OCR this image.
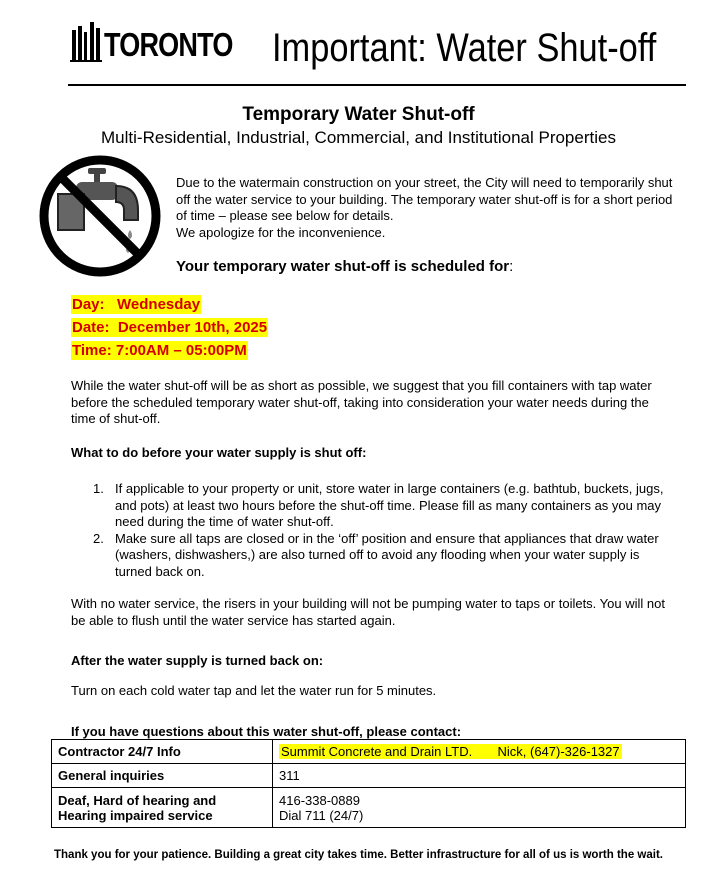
TORONTO Important: Water Shut-off
Temporary Water Shut-off
Multi-Residential, Industrial, Commercial, and Institutional Properties
Due to the watermain construction on your street, the City will need to temporarily shut off the water service to your building. The temporary water shut-off is for a short period of time – please see below for details.
We apologize for the inconvenience.
Your temporary water shut-off is scheduled for:
Day:   Wednesday
Date:  December 10th, 2025
Time: 7:00AM – 05:00PM
While the water shut-off will be as short as possible, we suggest that you fill containers with tap water before the scheduled temporary water shut-off, taking into consideration your water needs during the time of shut-off.
What to do before your water supply is shut off:
1. If applicable to your property or unit, store water in large containers (e.g. bathtub, buckets, jugs, and pots) at least two hours before the shut-off time. Please fill as many containers as you may need during the time of water shut-off.
2. Make sure all taps are closed or in the ‘off’ position and ensure that appliances that draw water (washers, dishwashers,) are also turned off to avoid any flooding when your water supply is turned back on.
With no water service, the risers in your building will not be pumping water to taps or toilets. You will not be able to flush until the water service has started again.
After the water supply is turned back on:
Turn on each cold water tap and let the water run for 5 minutes.
If you have questions about this water shut-off, please contact:
Contractor 24/7 Info	Summit Concrete and Drain LTD.       Nick, (647)-326-1327
General inquiries	311
Deaf, Hard of hearing and Hearing impaired service	416-338-0889
Dial 711 (24/7)
Thank you for your patience. Building a great city takes time. Better infrastructure for all of us is worth the wait.
